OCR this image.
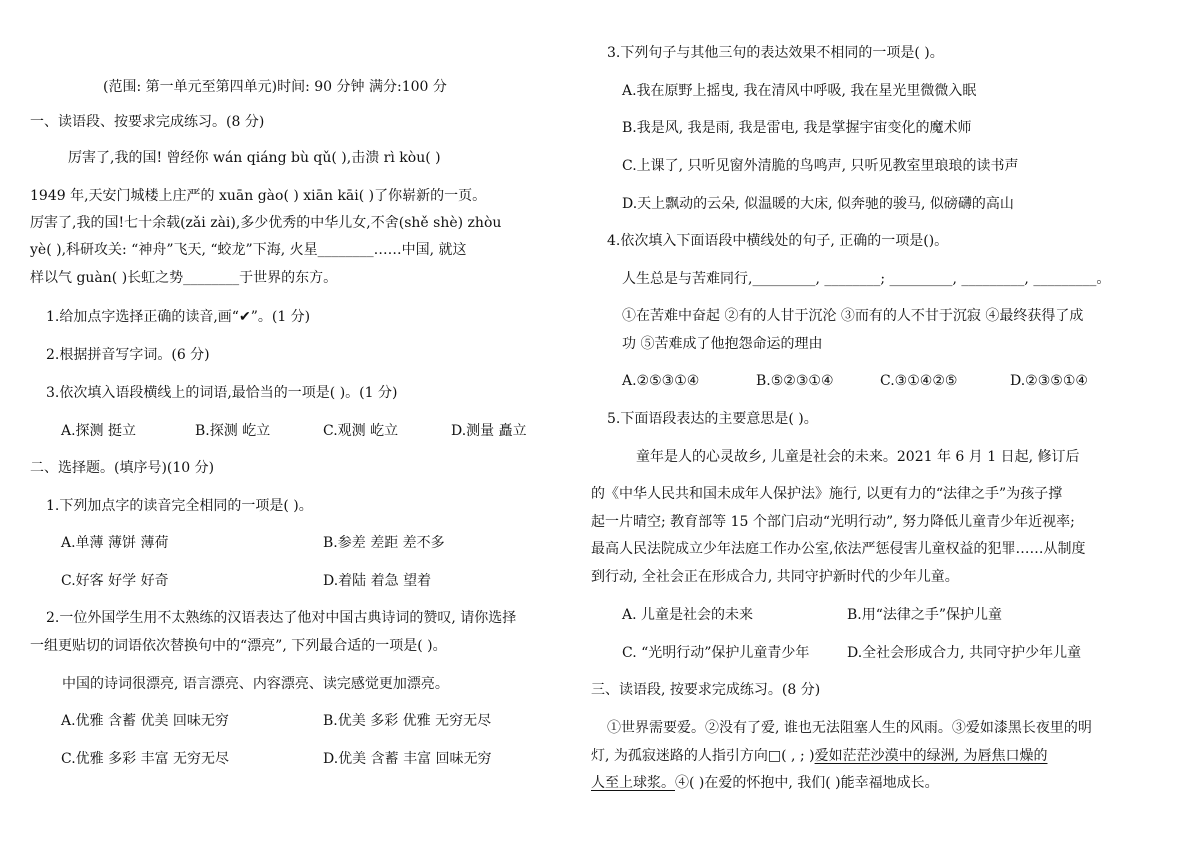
(范围: 第一单元至第四单元)时间: 90 分钟 满分:100 分
一、读语段、按要求完成练习。(8 分)
厉害了,我的国! 曾经你 wán qiáng bù qǔ( ),击溃 rì kòu( )
1949 年,天安门城楼上庄严的 xuān gào( ) xiān kāi( )了你崭新的一页。
厉害了,我的国!七十余载(zǎi zài),多少优秀的中华儿女,不舍(shě shè) zhòu
yè( ),科研攻关: “神舟”飞天, “蛟龙”下海, 火星________……中国, 就这
样以气 guàn( )长虹之势________于世界的东方。
1.给加点字选择正确的读音,画“✔”。(1 分)
2.根据拼音写字词。(6 分)
3.依次填入语段横线上的词语,最恰当的一项是( )。(1 分)
A.探测 挺立	B.探测 屹立	C.观测 屹立	D.测量 矗立
二、选择题。(填序号)(10 分)
1.下列加点字的读音完全相同的一项是( )。
A.单薄 薄饼 薄荷	B.参差 差距 差不多
C.好客 好学 好奇	D.着陆 着急 望着
2.一位外国学生用不太熟练的汉语表达了他对中国古典诗词的赞叹, 请你选择
一组更贴切的词语依次替换句中的“漂亮”, 下列最合适的一项是( )。
中国的诗词很漂亮, 语言漂亮、内容漂亮、读完感觉更加漂亮。
A.优雅 含蓄 优美 回味无穷	B.优美 多彩 优雅 无穷无尽
C.优雅 多彩 丰富 无穷无尽	D.优美 含蓄 丰富 回味无穷
3.下列句子与其他三句的表达效果不相同的一项是( )。
A.我在原野上摇曳, 我在清风中呼吸, 我在星光里微微入眠
B.我是风, 我是雨, 我是雷电, 我是掌握宇宙变化的魔术师
C.上课了, 只听见窗外清脆的鸟鸣声, 只听见教室里琅琅的读书声
D.天上飘动的云朵, 似温暖的大床, 似奔驰的骏马, 似磅礴的高山
4.依次填入下面语段中横线处的句子, 正确的一项是()。
人生总是与苦难同行,_________, ________; _________, _________, _________。
①在苦难中奋起 ②有的人甘于沉沦 ③而有的人不甘于沉寂 ④最终获得了成
功 ⑤苦难成了他抱怨命运的理由
A.②⑤③①④	B.⑤②③①④	C.③①④②⑤	D.②③⑤①④
5.下面语段表达的主要意思是( )。
童年是人的心灵故乡, 儿童是社会的未来。2021 年 6 月 1 日起, 修订后
的《中华人民共和国未成年人保护法》施行, 以更有力的“法律之手”为孩子撑
起一片晴空; 教育部等 15 个部门启动“光明行动”, 努力降低儿童青少年近视率;
最高人民法院成立少年法庭工作办公室,依法严惩侵害儿童权益的犯罪……从制度
到行动, 全社会正在形成合力, 共同守护新时代的少年儿童。
A. 儿童是社会的未来	B.用“法律之手”保护儿童
C. “光明行动”保护儿童青少年	D.全社会形成合力, 共同守护少年儿童
三、读语段, 按要求完成练习。(8 分)
①世界需要爱。②没有了爱, 谁也无法阻塞人生的风雨。③爱如漆黑长夜里的明
灯, 为孤寂迷路的人指引方向□( , ; )爱如茫茫沙漠中的绿洲, 为唇焦口燥的
人至上球浆。④( )在爱的怀抱中, 我们( )能幸福地成长。
